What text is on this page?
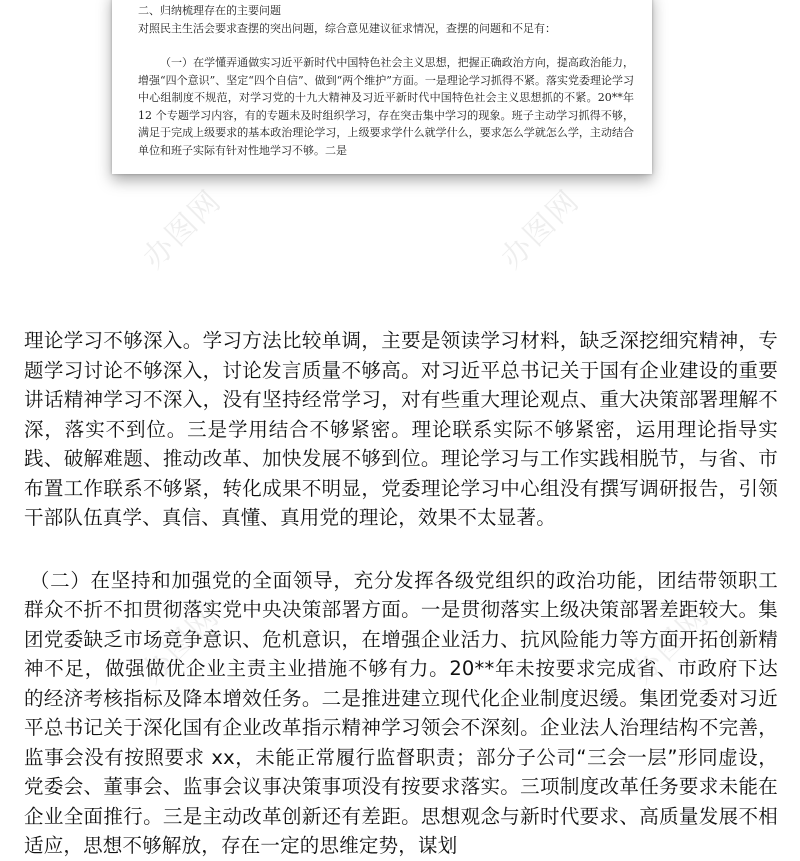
二、归纳梳理存在的主要问题
对照民主生活会要求查摆的突出问题，综合意见建议征求情况，查摆的问题和不足有：
（一）在学懂弄通做实习近平新时代中国特色社会主义思想，把握正确政治方向，提高政治能力，增强“四个意识”、坚定“四个自信”、做到“两个维护”方面。一是理论学习抓得不紧。落实党委理论学习中心组制度不规范，对学习党的十九大精神及习近平新时代中国特色社会主义思想抓的不紧。20**年 12 个专题学习内容，有的专题未及时组织学习，存在突击集中学习的现象。班子主动学习抓得不够，满足于完成上级要求的基本政治理论学习，上级要求学什么就学什么，要求怎么学就怎么学，主动结合单位和班子实际有针对性地学习不够。二是
办图网	办图网

理论学习不够深入。学习方法比较单调，主要是领读学习材料，缺乏深挖细究精神，专题学习讨论不够深入，讨论发言质量不够高。对习近平总书记关于国有企业建设的重要讲话精神学习不深入，没有坚持经常学习，对有些重大理论观点、重大决策部署理解不深，落实不到位。三是学用结合不够紧密。理论联系实际不够紧密，运用理论指导实践、破解难题、推动改革、加快发展不够到位。理论学习与工作实践相脱节，与省、市布置工作联系不够紧，转化成果不明显，党委理论学习中心组没有撰写调研报告，引领干部队伍真学、真信、真懂、真用党的理论，效果不太显著。

（二）在坚持和加强党的全面领导，充分发挥各级党组织的政治功能，团结带领职工群众不折不扣贯彻落实党中央决策部署方面。一是贯彻落实上级决策部署差距较大。集团党委缺乏市场竞争意识、危机意识，在增强企业活力、抗风险能力等方面开拓创新精神不足，做强做优企业主责主业措施不够有力。20**年未按要求完成省、市政府下达的经济考核指标及降本增效任务。二是推进建立现代化企业制度迟缓。集团党委对习近平总书记关于深化国有企业改革指示精神学习领会不深刻。企业法人治理结构不完善，监事会没有按照要求 xx，未能正常履行监督职责；部分子公司“三会一层”形同虚设，党委会、董事会、监事会议事决策事项没有按要求落实。三项制度改革任务要求未能在企业全面推行。三是主动改革创新还有差距。思想观念与新时代要求、高质量发展不相适应，思想不够解放，存在一定的思维定势，谋划
